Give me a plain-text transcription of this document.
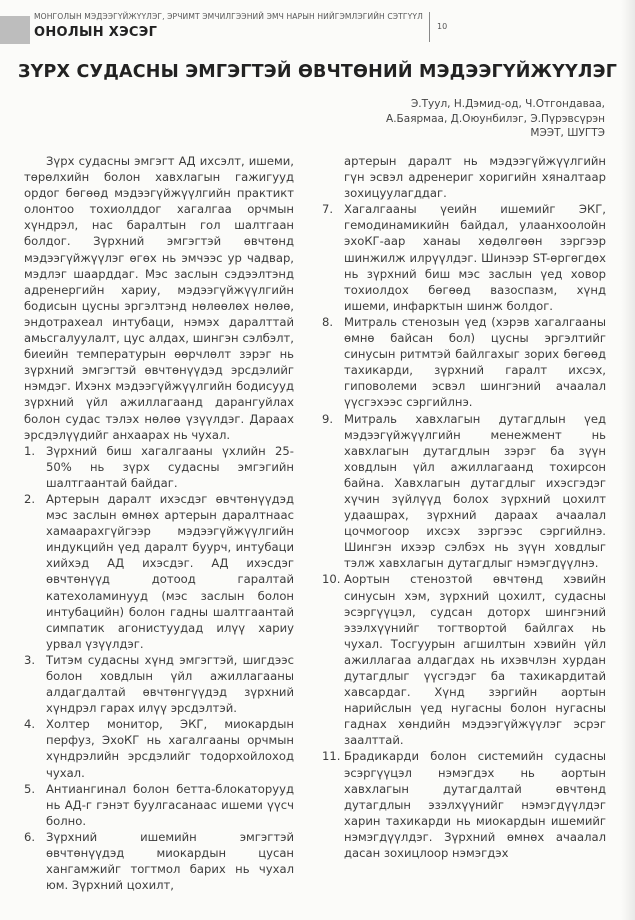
МОНГОЛЫН МЭДЭЭГҮЙЖҮҮЛЭГ, ЭРЧИМТ ЭМЧИЛГЭЭНИЙ ЭМЧ НАРЫН НИЙГЭМЛЭГИЙН СЭТГҮҮЛ
ОНОЛЫН ХЭСЭГ	10
ЗҮРХ СУДАСНЫ ЭМГЭГТЭЙ ӨВЧТӨНИЙ МЭДЭЭГҮЙЖҮҮЛЭГ
Э.Туул, Н.Дэмид-од, Ч.Отгондаваа,
А.Баярмаа, Д.Оюунбилэг, Э.Пүрэвсүрэн
МЭЭТ, ШУГТЭ

Зүрх судасны эмгэгт АД ихсэлт, ишеми, төрөлхийн болон хавхлагын гажигууд ордог бөгөөд мэдээгүйжүүлгийн практикт олонтоо тохиолддог хагалгаа орчмын хүндрэл, нас баралтын гол шалтгаан болдог. Зүрхний эмгэгтэй өвчтөнд мэдээгүйжүүлэг өгөх нь эмчээс ур чадвар, мэдлэг шаарддаг. Мэс заслын сэдээлтэнд адренергийн хариу, мэдээгүйжүүлгийн бодисын цусны эргэлтэнд нөлөөлөх нөлөө, эндотрахеал интубаци, нэмэх даралттай амьсгалуулалт, цус алдах, шингэн сэлбэлт, биеийн температурын өөрчлөлт зэрэг нь зүрхний эмгэгтэй өвчтөнүүдэд эрсдэлийг нэмдэг. Ихэнх мэдээгүйжүүлгийн бодисууд зүрхний үйл ажиллагаанд дарангуйлах болон судас тэлэх нөлөө үзүүлдэг. Дараах эрсдэлүүдийг анхаарах нь чухал.

1. Зүрхний биш хагалгааны үхлийн 25-50% нь зүрх судасны эмгэгийн шалтгаантай байдаг.
2. Артерын даралт ихэсдэг өвчтөнүүдэд мэс заслын өмнөх артерын даралтнаас хамаарахгүйгээр мэдээгүйжүүлгийн индукцийн үед даралт буурч, интубаци хийхэд АД ихэсдэг. АД ихэсдэг өвчтөнүүд дотоод гаралтай катехоламинууд (мэс заслын болон интубацийн) болон гадны шалтгаантай симпатик агонистуудад илүү хариу урвал үзүүлдэг.
3. Титэм судасны хүнд эмгэгтэй, шигдээс болон ховдлын үйл ажиллагааны алдагдалтай өвчтөнгүүдэд зүрхний хүндрэл гарах илүү эрсдэлтэй.
4. Холтер монитор, ЭКГ, миокардын перфуз, ЭхоКГ нь хагалгааны орчмын хүндрэлийн эрсдэлийг тодорхойлоход чухал.
5. Антиангинал болон бетта-блокаторууд нь АД-г гэнэт буулгасанаас ишеми үүсч болно.
6. Зүрхний ишемийн эмгэгтэй өвчтөнүүдэд миокардын цусан хангамжийг тогтмол барих нь чухал юм. Зүрхний цохилт,

артерын даралт нь мэдээгүйжүүлгийн гүн эсвэл адренериг хоригийн хяналтаар зохицуулагддаг.

7. Хагалгааны үеийн ишемийг ЭКГ, гемодинамикийн байдал, улаанхоолойн эхоКГ-аар ханаы хөдөлгөөн зэргээр шинжилж илрүүлдэг. Шинээр ST-өргөгдөх нь зүрхний биш мэс заслын үед ховор тохиолдох бөгөөд вазоспазм, хүнд ишеми, инфарктын шинж болдог.
8. Митраль стенозын үед (хэрэв хагалгааны өмнө байсан бол) цусны эргэлтийг синусын ритмтэй байлгахыг зорих бөгөөд тахикарди, зүрхний гаралт ихсэх, гиповолеми эсвэл шингэний ачаалал үүсгэхээс сэргийлнэ.
9. Митраль хавхлагын дутагдлын үед мэдээгүйжүүлгийн менежмент нь хавхлагын дутагдлын зэрэг ба зүүн ховдлын үйл ажиллагаанд тохирсон байна. Хавхлагын дутагдлыг ихэсгэдэг хүчин зүйлүүд болох зүрхний цохилт удаашрах, зүрхний дараах ачаалал цочмогоор ихсэх зэргээс сэргийлнэ. Шингэн ихээр сэлбэх нь зүүн ховдлыг тэлж хавхлагын дутагдлыг нэмэгдүүлнэ.
10. Аортын стенозтой өвчтөнд хэвийн синусын хэм, зүрхний цохилт, судасны эсэргүүцэл, судсан доторх шингэний эзэлхүүнийг тогтвортой байлгах нь чухал. Тосгуурын агшилтын хэвийн үйл ажиллагаа алдагдах нь ихэвчлэн хурдан дутагдлыг үүсгэдэг ба тахикардитай хавсардаг. Хүнд зэргийн аортын нарийслын үед нугасны болон нугасны гаднах хөндийн мэдээгүйжүүлэг эсрэг заалттай.
11. Брадикарди болон системийн судасны эсэргүүцэл нэмэгдэх нь аортын хавхлагын дутагдалтай өвчтөнд дутагдлын эзэлхүүнийг нэмэгдүүлдэг харин тахикарди нь миокардын ишемийг нэмэгдүүлдэг. Зүрхний өмнөх ачаалал дасан зохицлоор нэмэгдэх
